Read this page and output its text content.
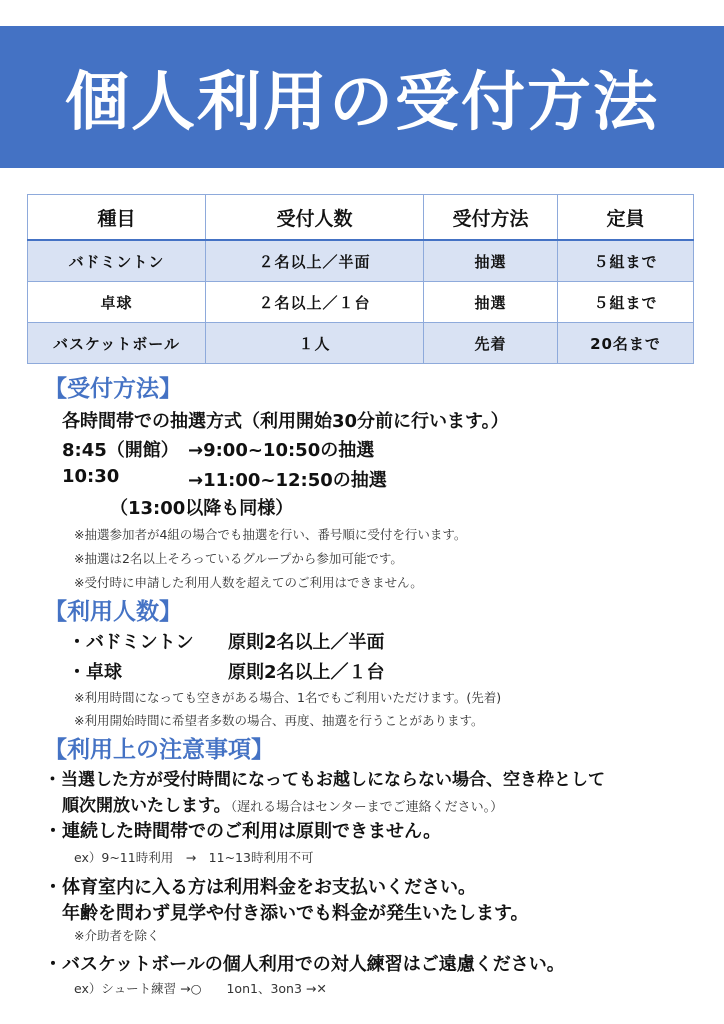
個人利用の受付方法
種目	受付人数	受付方法	定員
バドミントン	２名以上／半面	抽選	５組まで
卓球	２名以上／１台	抽選	５組まで
バスケットボール	１人	先着	20名まで
【受付方法】
各時間帯での抽選方式（利用開始30分前に行います。）
8:45（開館） →9:00~10:50の抽選
10:30	→11:00~12:50の抽選
（13:00以降も同様）
※抽選参加者が4組の場合でも抽選を行い、番号順に受付を行います。
※抽選は2名以上そろっているグループから参加可能です。
※受付時に申請した利用人数を超えてのご利用はできません。
【利用人数】
・バドミントン 原則2名以上／半面
・卓球	原則2名以上／１台
※利用時間になっても空きがある場合、1名でもご利用いただけます。(先着)
※利用開始時間に希望者多数の場合、再度、抽選を行うことがあります。
【利用上の注意事項】
・当選した方が受付時間になってもお越しにならない場合、空き枠として
順次開放いたします。（遅れる場合はセンターまでご連絡ください。）
・連続した時間帯でのご利用は原則できません。
ex）9~11時利用　→　11~13時利用不可
・体育室内に入る方は利用料金をお支払いください。
年齢を問わず見学や付き添いでも料金が発生いたします。
※介助者を除く
・バスケットボールの個人利用での対人練習はご遠慮ください。
ex）シュート練習 →○　　1on1、3on3 →✕
